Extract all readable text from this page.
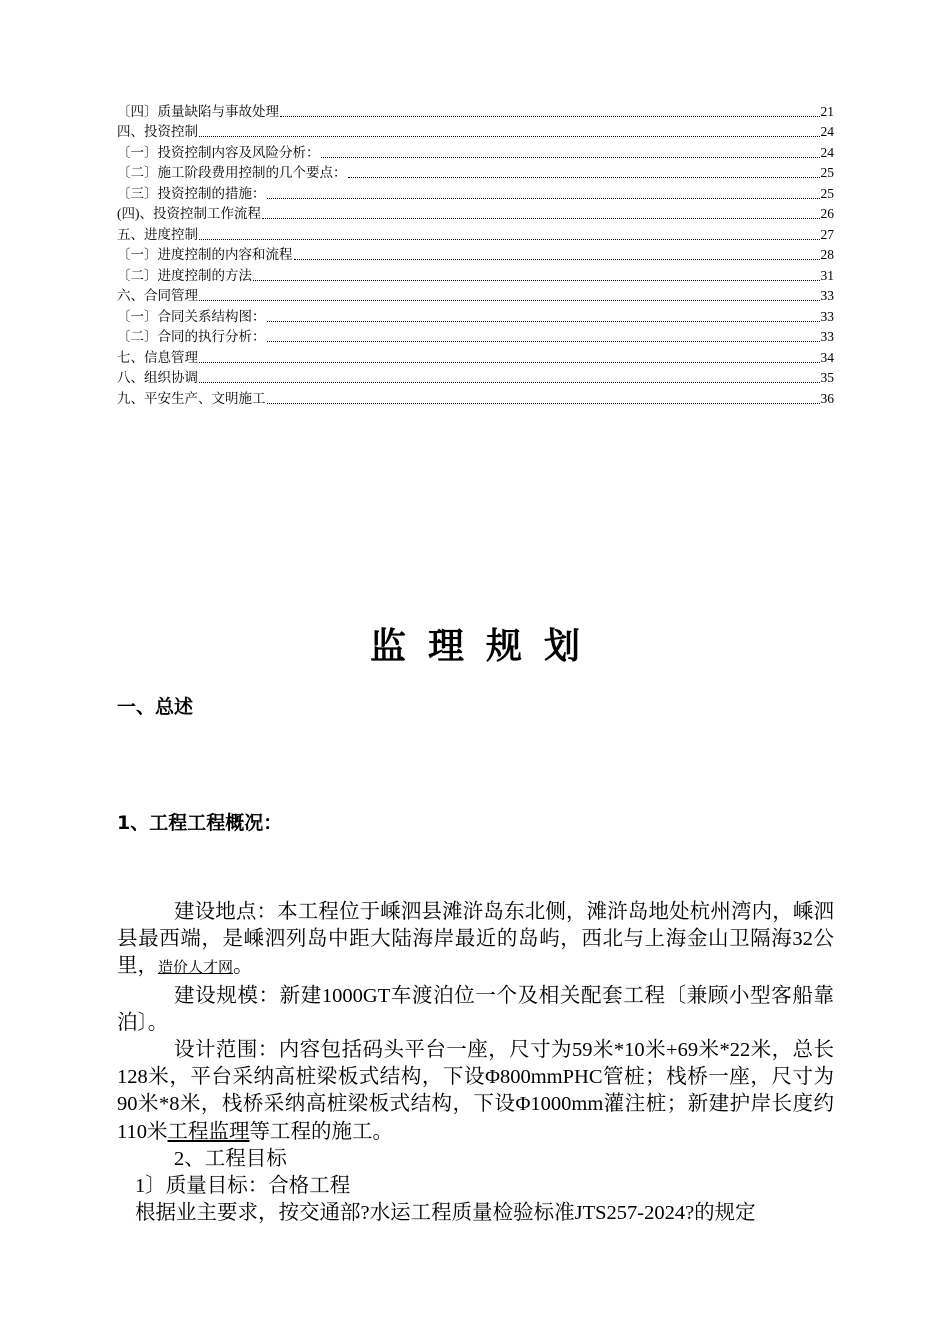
〔四〕质量缺陷与事故处理	21
四、投资控制	24
〔一〕投资控制内容及风险分析：	24
〔二〕施工阶段费用控制的几个要点：	25
〔三〕投资控制的措施：	25
(四)、投资控制工作流程	26
五、进度控制	27
〔一〕进度控制的内容和流程	28
〔二〕进度控制的方法	31
六、合同管理	33
〔一〕合同关系结构图：	33
〔二〕合同的执行分析：	33
七、信息管理	34
八、组织协调	35
九、平安生产、文明施工	36
监理规划
一、总述
1、工程工程概况：

建设地点：本工程位于嵊泗县滩浒岛东北侧，滩浒岛地处杭州湾内，嵊泗县最西端，是嵊泗列岛中距大陆海岸最近的岛屿，西北与上海金山卫隔海32公里，造价人才网。

建设规模：新建1000GT车渡泊位一个及相关配套工程〔兼顾小型客船靠泊〕。

设计范围：内容包括码头平台一座，尺寸为59米*10米+69米*22米，总长128米，平台采纳高桩梁板式结构，下设Φ800mmPHC管桩；栈桥一座，尺寸为90米*8米，栈桥采纳高桩梁板式结构，下设Φ1000mm灌注桩；新建护岸长度约110米工程监理等工程的施工。

2、工程目标

1〕质量目标：合格工程

根据业主要求，按交通部?水运工程质量检验标准JTS257-2024?的规定
